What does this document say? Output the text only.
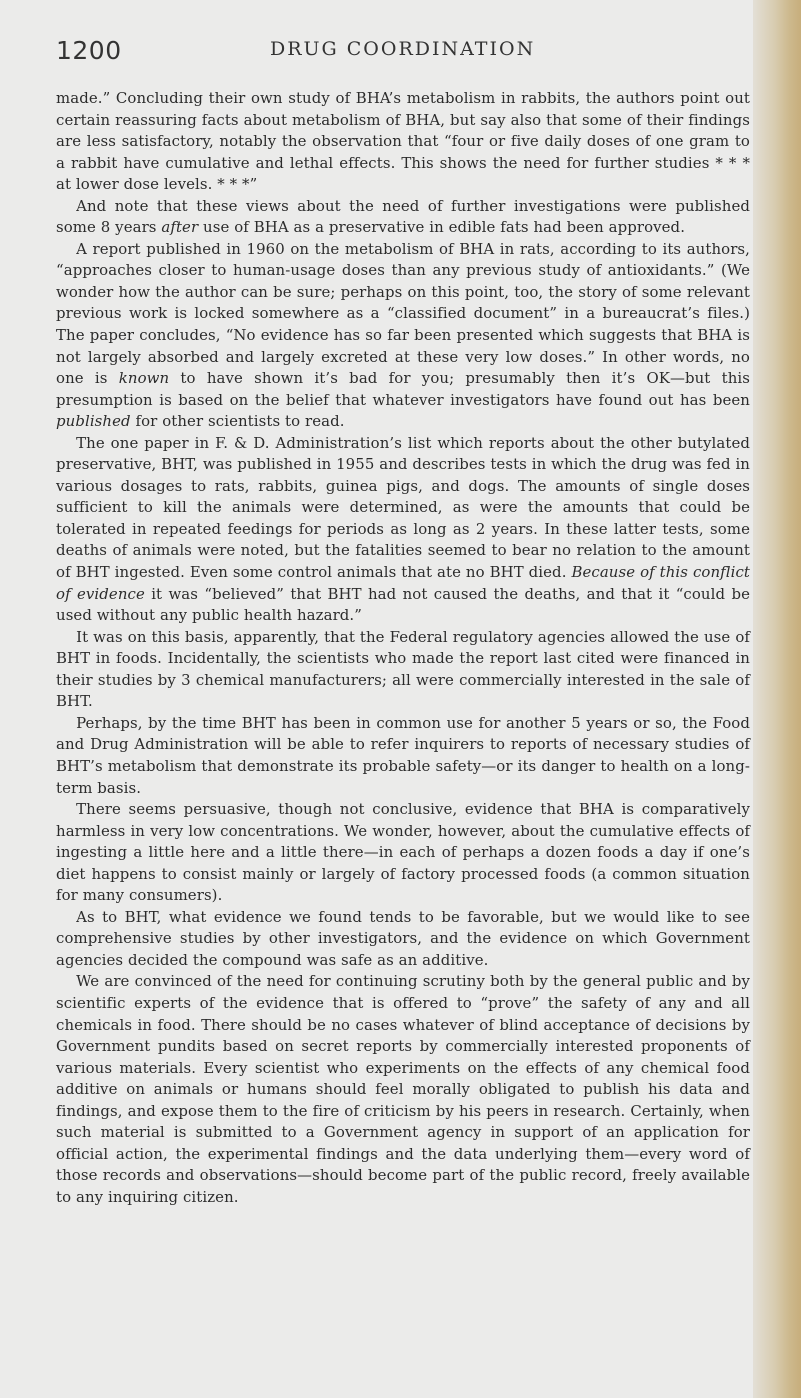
1200	DRUG COORDINATION

made.” Concluding their own study of BHA’s metabolism in rabbits, the authors point out certain reassuring facts about metabolism of BHA, but say also that some of their findings are less satisfactory, notably the observation that “four or five daily doses of one gram to a rabbit have cumulative and lethal effects. This shows the need for further studies * * * at lower dose levels. * * *”

And note that these views about the need of further investigations were published some 8 years after use of BHA as a preservative in edible fats had been approved.

A report published in 1960 on the metabolism of BHA in rats, according to its authors, “approaches closer to human-usage doses than any previous study of antioxidants.” (We wonder how the author can be sure; perhaps on this point, too, the story of some relevant previous work is locked somewhere as a “classified document” in a bureaucrat’s files.) The paper concludes, “No evidence has so far been presented which suggests that BHA is not largely absorbed and largely excreted at these very low doses.” In other words, no one is known to have shown it’s bad for you; presumably then it’s OK—but this presumption is based on the belief that whatever investigators have found out has been published for other scientists to read.

The one paper in F. & D. Administration’s list which reports about the other butylated preservative, BHT, was published in 1955 and describes tests in which the drug was fed in various dosages to rats, rabbits, guinea pigs, and dogs. The amounts of single doses sufficient to kill the animals were determined, as were the amounts that could be tolerated in repeated feedings for periods as long as 2 years. In these latter tests, some deaths of animals were noted, but the fatalities seemed to bear no relation to the amount of BHT ingested. Even some control animals that ate no BHT died. Because of this conflict of evidence it was “believed” that BHT had not caused the deaths, and that it “could be used without any public health hazard.”

It was on this basis, apparently, that the Federal regulatory agencies allowed the use of BHT in foods. Incidentally, the scientists who made the report last cited were financed in their studies by 3 chemical manufacturers; all were commercially interested in the sale of BHT.

Perhaps, by the time BHT has been in common use for another 5 years or so, the Food and Drug Administration will be able to refer inquirers to reports of necessary studies of BHT’s metabolism that demonstrate its probable safety—or its danger to health on a long-term basis.

There seems persuasive, though not conclusive, evidence that BHA is comparatively harmless in very low concentrations. We wonder, however, about the cumulative effects of ingesting a little here and a little there—in each of perhaps a dozen foods a day if one’s diet happens to consist mainly or largely of factory processed foods (a common situation for many consumers).

As to BHT, what evidence we found tends to be favorable, but we would like to see comprehensive studies by other investigators, and the evidence on which Government agencies decided the compound was safe as an additive.

We are convinced of the need for continuing scrutiny both by the general public and by scientific experts of the evidence that is offered to “prove” the safety of any and all chemicals in food. There should be no cases whatever of blind acceptance of decisions by Government pundits based on secret reports by commercially interested proponents of various materials. Every scientist who experiments on the effects of any chemical food additive on animals or humans should feel morally obligated to publish his data and findings, and expose them to the fire of criticism by his peers in research. Certainly, when such material is submitted to a Government agency in support of an application for official action, the experimental findings and the data underlying them—every word of those records and observations—should become part of the public record, freely available to any inquiring citizen.
